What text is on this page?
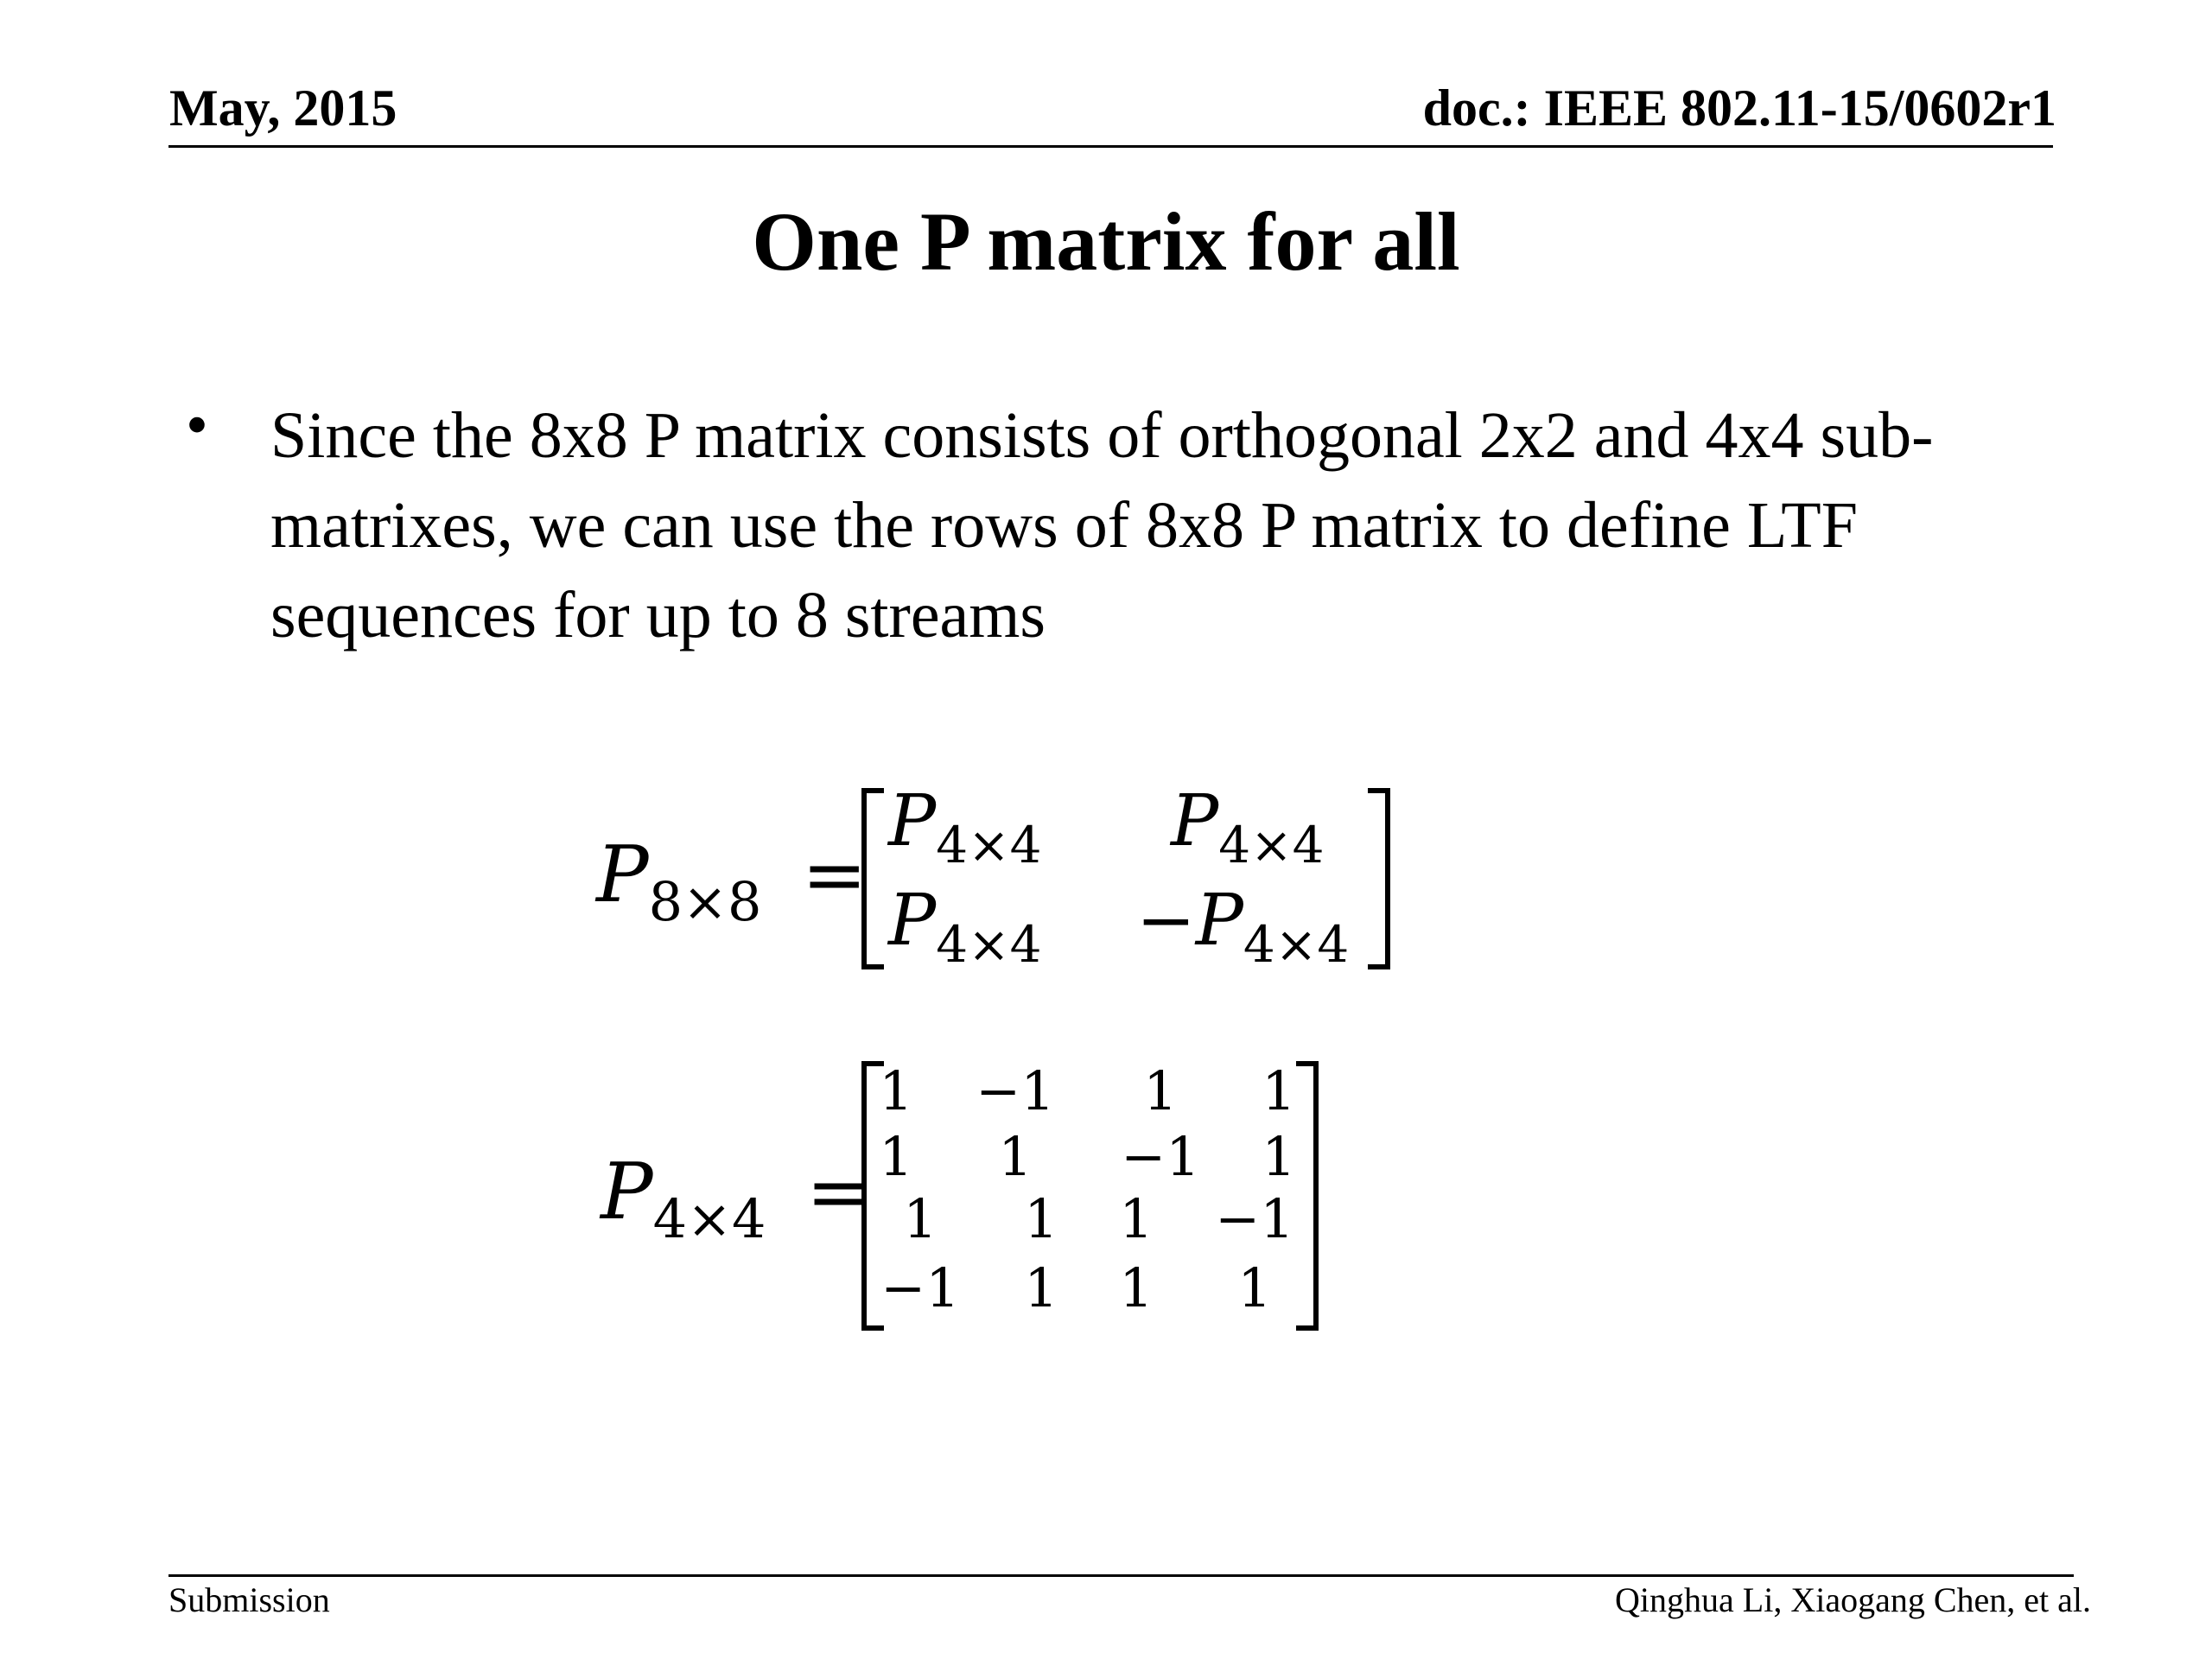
May, 2015	doc.: IEEE 802.11-15/0602r1
One P matrix for all
• Since the 8x8 P matrix consists of orthogonal 2x2 and 4x4 sub-matrixes, we can use the rows of 8x8 P matrix to define LTF sequences for up to 8 streams
$P_{8\times 8}$ =
$P_{4\times 4}$ $P_{4\times 4}$
$P_{4\times 4} -P_{4\times 4}$
$P_{4\times 4}$ =
1	−1	1	1
1	1	−1	1
1	1	1	−1
−1	1	1	1
Submission	Qinghua Li, Xiaogang Chen, et al.
